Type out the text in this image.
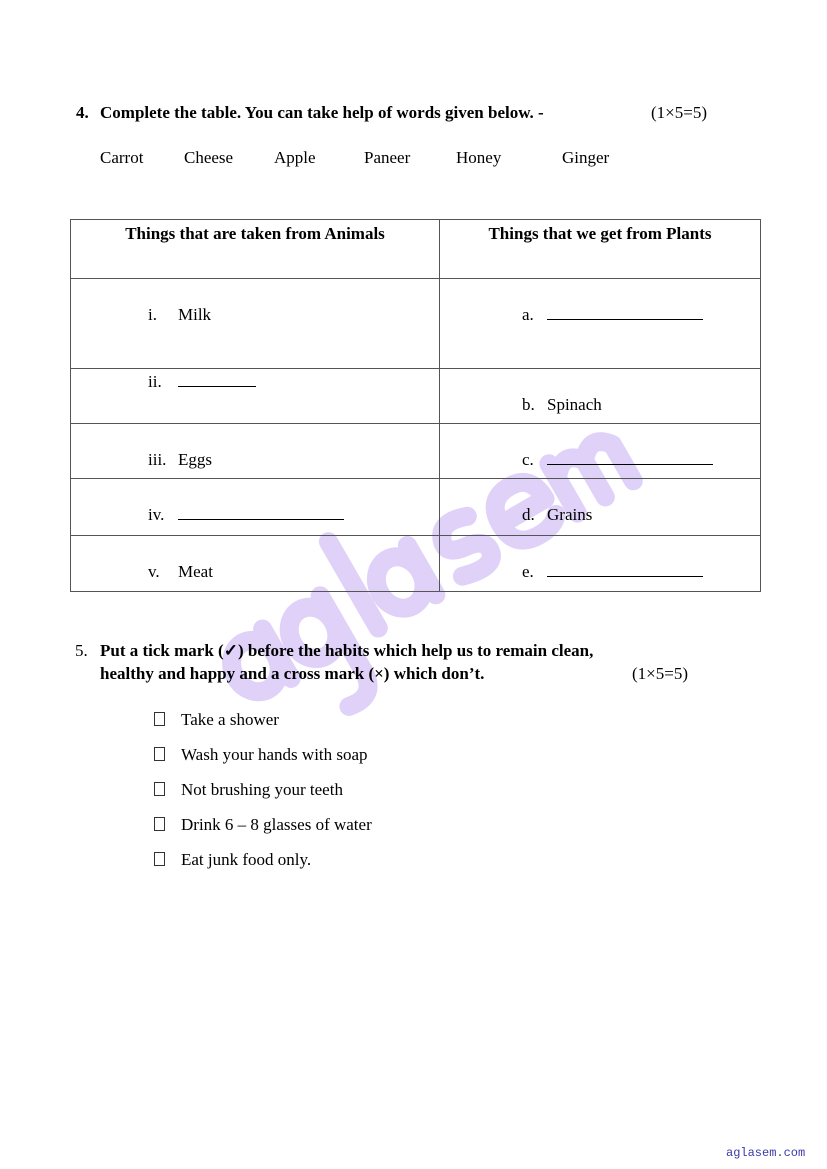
4. Complete the table. You can take help of words given below. -	(1×5=5)
Carrot Cheese Apple	Paneer	Honey	Ginger
Things that are taken from Animals	Things that we get from Plants

i. Milk	a.

ii.	b. Spinach

iii. Eggs	c.

iv.	d. Grains

v. Meat	e.
5. Put a tick mark (✓) before the habits which help us to remain clean,
healthy and happy and a cross mark (×) which don’t.	(1×5=5)
Take a shower
Wash your hands with soap
Not brushing your teeth
Drink 6 – 8 glasses of water
Eat junk food only.
aglasem.com
